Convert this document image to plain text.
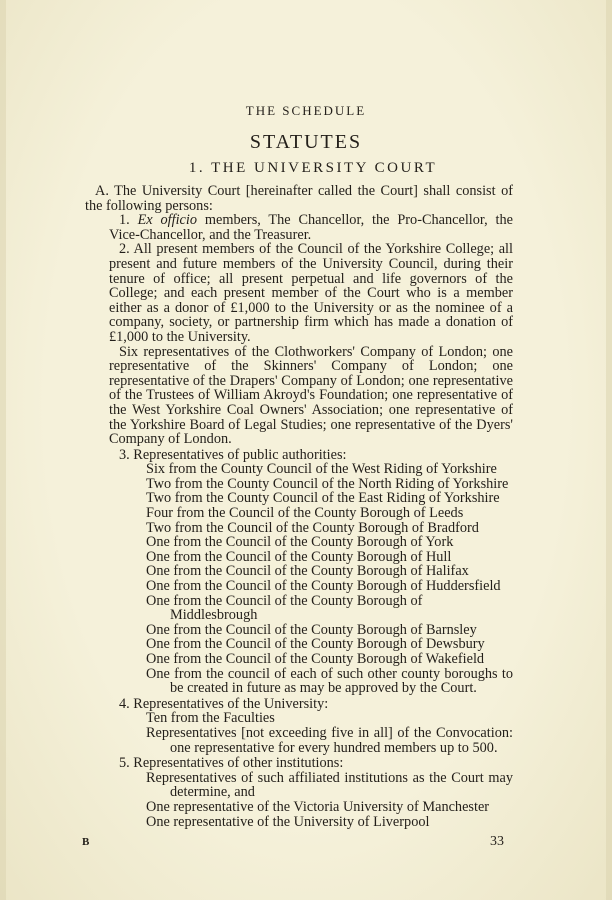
THE SCHEDULE
STATUTES
1. THE UNIVERSITY COURT

A. The University Court [hereinafter called the Court] shall consist of the following persons:

1. Ex officio members, The Chancellor, the Pro-Chancellor, the Vice-Chancellor, and the Treasurer.

2. All present members of the Council of the Yorkshire College; all present and future members of the University Council, during their tenure of office; all present perpetual and life governors of the College; and each present member of the Court who is a member either as a donor of £1,000 to the University or as the nominee of a company, society, or partnership firm which has made a donation of £1,000 to the University.

Six representatives of the Clothworkers' Company of London; one representative of the Skinners' Company of London; one representative of the Drapers' Company of London; one representative of the Trustees of William Akroyd's Foundation; one representative of the West Yorkshire Coal Owners' Association; one representative of the Yorkshire Board of Legal Studies; one representative of the Dyers' Company of London.

3. Representatives of public authorities:

Six from the County Council of the West Riding of Yorkshire

Two from the County Council of the North Riding of Yorkshire

Two from the County Council of the East Riding of Yorkshire

Four from the Council of the County Borough of Leeds

Two from the Council of the County Borough of Bradford

One from the Council of the County Borough of York

One from the Council of the County Borough of Hull

One from the Council of the County Borough of Halifax

One from the Council of the County Borough of Huddersfield

One from the Council of the County Borough of Middlesbrough

One from the Council of the County Borough of Barnsley

One from the Council of the County Borough of Dewsbury

One from the Council of the County Borough of Wakefield

One from the council of each of such other county boroughs to be created in future as may be approved by the Court.

4. Representatives of the University:

Ten from the Faculties

Representatives [not exceeding five in all] of the Convocation: one representative for every hundred members up to 500.

5. Representatives of other institutions:

Representatives of such affiliated institutions as the Court may determine, and

One representative of the Victoria University of Manchester

One representative of the University of Liverpool

B	33
